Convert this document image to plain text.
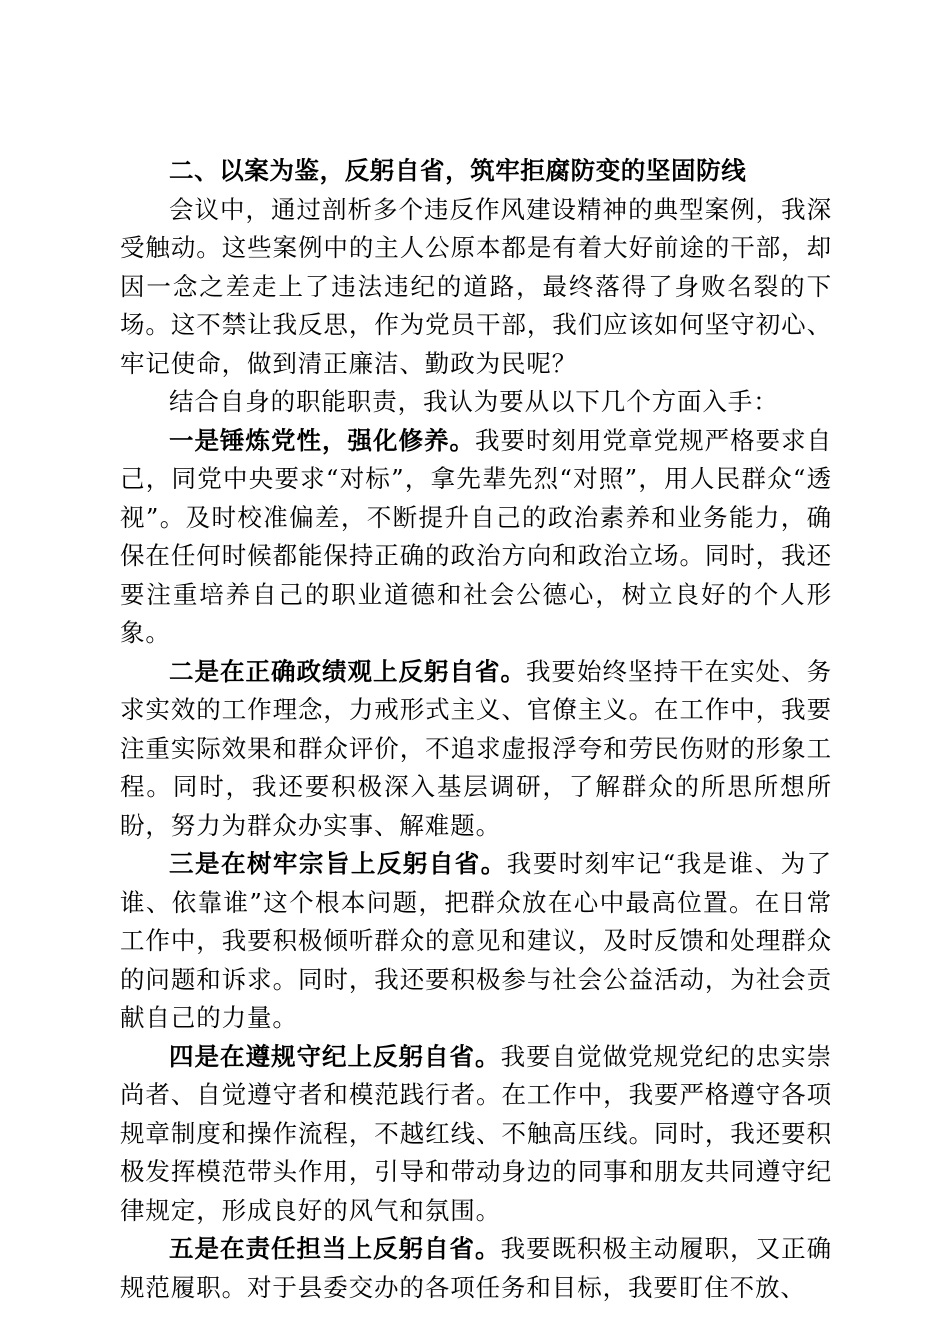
二、以案为鉴，反躬自省，筑牢拒腐防变的坚固防线

会议中，通过剖析多个违反作风建设精神的典型案例，我深受触动。这些案例中的主人公原本都是有着大好前途的干部，却因一念之差走上了违法违纪的道路，最终落得了身败名裂的下场。这不禁让我反思，作为党员干部，我们应该如何坚守初心、牢记使命，做到清正廉洁、勤政为民呢？

结合自身的职能职责，我认为要从以下几个方面入手：

一是锤炼党性，强化修养。我要时刻用党章党规严格要求自己，同党中央要求“对标”，拿先辈先烈“对照”，用人民群众“透视”。及时校准偏差，不断提升自己的政治素养和业务能力，确保在任何时候都能保持正确的政治方向和政治立场。同时，我还要注重培养自己的职业道德和社会公德心，树立良好的个人形象。

二是在正确政绩观上反躬自省。我要始终坚持干在实处、务求实效的工作理念，力戒形式主义、官僚主义。在工作中，我要注重实际效果和群众评价，不追求虚报浮夸和劳民伤财的形象工程。同时，我还要积极深入基层调研，了解群众的所思所想所盼，努力为群众办实事、解难题。

三是在树牢宗旨上反躬自省。我要时刻牢记“我是谁、为了谁、依靠谁”这个根本问题，把群众放在心中最高位置。在日常工作中，我要积极倾听群众的意见和建议，及时反馈和处理群众的问题和诉求。同时，我还要积极参与社会公益活动，为社会贡献自己的力量。

四是在遵规守纪上反躬自省。我要自觉做党规党纪的忠实崇尚者、自觉遵守者和模范践行者。在工作中，我要严格遵守各项规章制度和操作流程，不越红线、不触高压线。同时，我还要积极发挥模范带头作用，引导和带动身边的同事和朋友共同遵守纪律规定，形成良好的风气和氛围。

五是在责任担当上反躬自省。我要既积极主动履职，又正确规范履职。对于县委交办的各项任务和目标，我要盯住不放、
